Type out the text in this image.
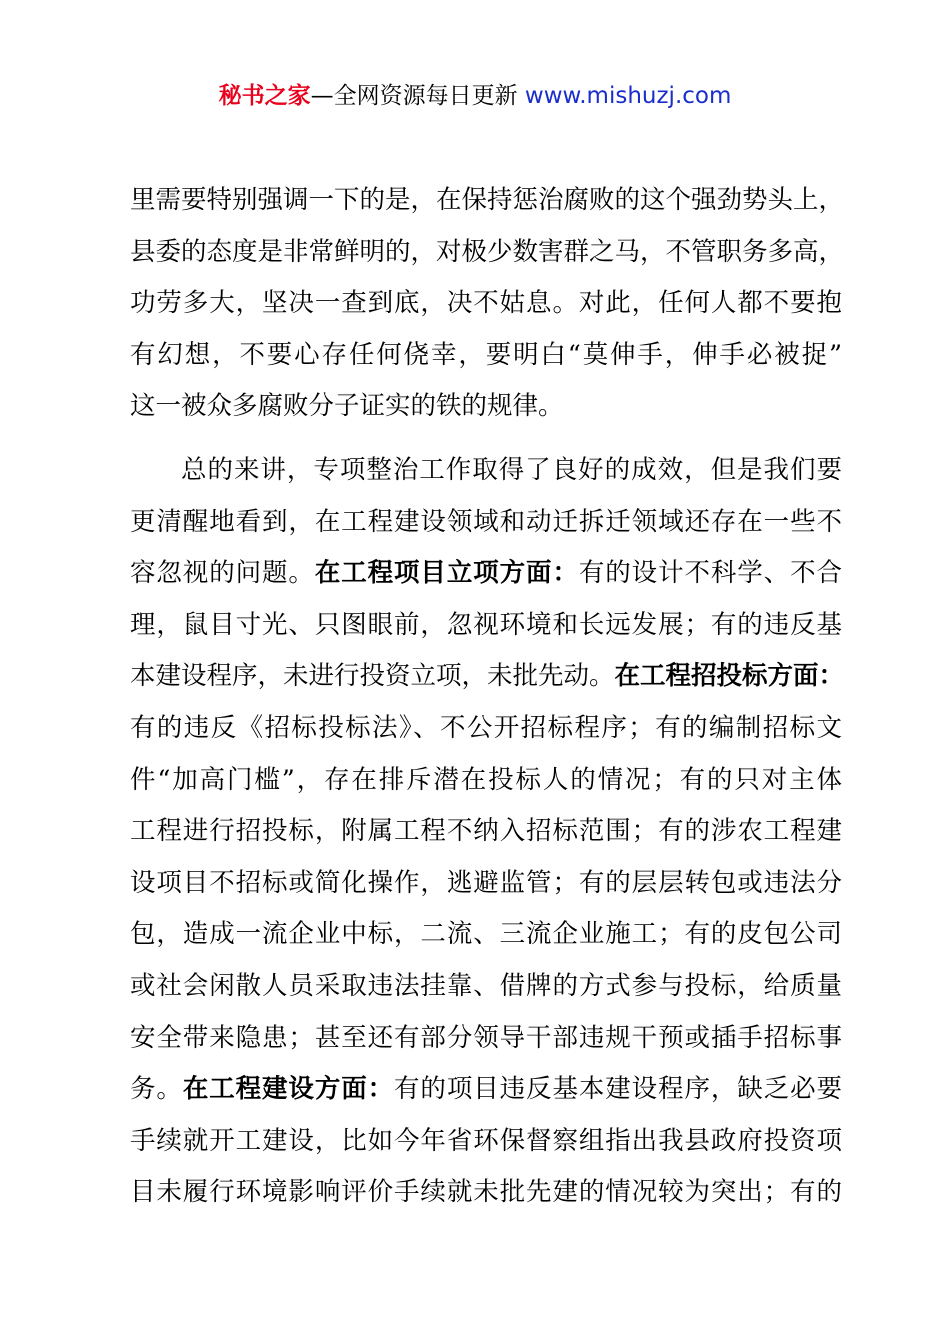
秘书之家—全网资源每日更新 www.mishuzj.com
里需要特别强调一下的是，在保持惩治腐败的这个强劲势头上，
县委的态度是非常鲜明的，对极少数害群之马，不管职务多高，
功劳多大，坚决一查到底，决不姑息。对此，任何人都不要抱
有幻想，不要心存任何侥幸，要明白“莫伸手，伸手必被捉”
这一被众多腐败分子证实的铁的规律。
总的来讲，专项整治工作取得了良好的成效，但是我们要
更清醒地看到，在工程建设领域和动迁拆迁领域还存在一些不
容忽视的问题。在工程项目立项方面：有的设计不科学、不合
理，鼠目寸光、只图眼前，忽视环境和长远发展；有的违反基
本建设程序，未进行投资立项，未批先动。在工程招投标方面：
有的违反《招标投标法》、不公开招标程序；有的编制招标文
件“加高门槛”，存在排斥潜在投标人的情况；有的只对主体
工程进行招投标，附属工程不纳入招标范围；有的涉农工程建
设项目不招标或简化操作，逃避监管；有的层层转包或违法分
包，造成一流企业中标，二流、三流企业施工；有的皮包公司
或社会闲散人员采取违法挂靠、借牌的方式参与投标，给质量
安全带来隐患；甚至还有部分领导干部违规干预或插手招标事
务。在工程建设方面：有的项目违反基本建设程序，缺乏必要
手续就开工建设，比如今年省环保督察组指出我县政府投资项
目未履行环境影响评价手续就未批先建的情况较为突出；有的
